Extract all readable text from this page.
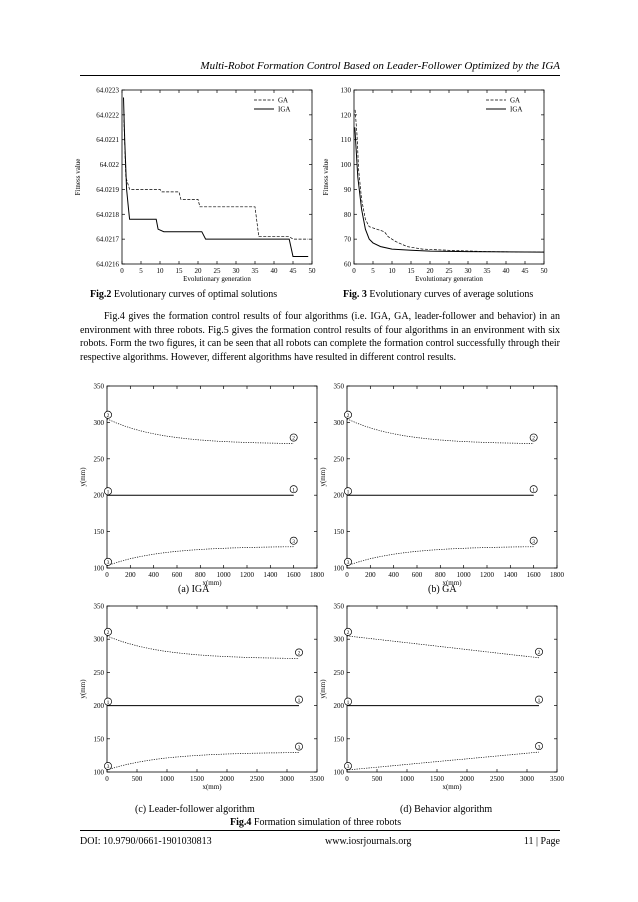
Multi-Robot Formation Control Based on Leader-Follower Optimized by the IGA
0 5 10 15 20 25 30 35 40 45 50
64.0216
64.0217
64.0218
64.0219
64.022
64.0221
64.0222
64.0223
Evolutionary generation
Fitness value
GA
IGA
0 5 10 15 20 25 30 35 40 45 50
60
70
80
90
100
110
120
130
Evolutionary generation
Fitness value
GA
IGA
Fig.2 Evolutionary curves of optimal solutions	Fig. 3 Evolutionary curves of average solutions

Fig.4 gives the formation control results of four algorithms (i.e. IGA, GA, leader-follower and behavior) in an environment with three robots. Fig.5 gives the formation control results of four algorithms in an environment with six robots. Form the two figures, it can be seen that all robots can complete the formation control successfully through their respective algorithms. However, different algorithms have resulted in different control results.

0 200 400 600 800 1000 1200 1400 1600 1800
100
150
200
250
300
350
x(mm)
y(mm)
2
2
1	1
3
3
0 200 400 600 800 1000 1200 1400 1600 1800
100
150
200
250
300
350
x(mm)
y(mm)
2
2
1	1
3
3
(a) IGA	(b) GA
0	500	1000 1500 2000 2500 3000 3500
100
150
200
250
300
350
x(mm)
y(mm)
2
2
1	1
3
3
0	500	1000 1500 2000 2500 3000 3500
100
150
200
250
300
350
x(mm)
y(mm)
2
2
1	1
3
3
(c) Leader-follower algorithm	(d) Behavior algorithm
Fig.4 Formation simulation of three robots
DOI: 10.9790/0661-1901030813	www.iosrjournals.org	11 | Page
